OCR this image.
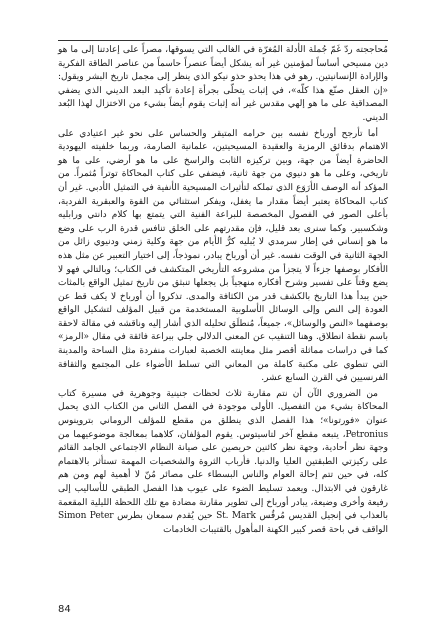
مُحاججته ردّ غَمّ جُملة الأدلة المُغرّة في الغالب التي يسوقها، مصراً على إعادتنا إلى ما هو دين مسيحي أساساً لمؤمنين غير أنه يشكل أيضاً عنصراً حاسماً من عناصر الطاقة الفكرية والإرادة الإنسانيتين. رهو في هذا يحذو حذو نيكو الذي ينظر إلى مجمل تاريخ البشر ويقول: «إن العقل صنّع هذا كلّه»، في إثبات يتحلّى بجرأة إعادة تأكيد البعد الديني الذي يضفي المصداقية على ما هو إلهي مقدس غير أنه إثبات يقوم أيضاً بشيء من الاختزال لهذا البُعد الديني.

أما تأرجح أورباخ نفسه بين حرامه المتيقر والحساس على نحو غير اعتيادي على الاهتمام بدقائق الرمزية والعقيدة المسيحيتين، علمانية الصارمة، وربما خلفيته اليهودية الحاضرة أيضاً من جهة، وبين تركيزه الثابت والراسخ على ما هو أرضي، على ما هو تاريخي، وعلى ما هو دنيوي من جهة ثانية، فيضفي على كتاب المحاكاة توتراً مُثمراً. من المؤكد أنه الوصف الأرَوَع الذي تملكه لتأثيرات المسيحية الأنفية في التمثيل الأدبي. غير أن كتاب المحاكاة يعتبر أيضاً مقدار ما يغفل، ويفكر استثنائي من القوة والعبقرية الفردية، بأعلى الصور في الفصول المخصصة للبراعة الفنية التي يتمتع بها كلام دانتي ورابليه وشكسبير. وكما سنرى بعد قليل، فإن مقدرتهم على الخلق تنافس قدرة الرب على وضع ما هو إنساني في إطار سرمدي لا يُبليه كرُّ الأيام من جهة وكلية زمني ودنيوي زائل من الجهة الثانية في الوقت نفسه. غير أن أورباخ يبادر، نموذجاً، إلى اختيار التعبير عن مثل هذه الأفكار بوصفها جزءاً لا يتجزأ من مشروعه التأريخي المتكشف في الكتاب؛ وبالتالي فهو لا يضع وقتاً على تفسير وشرح أفكاره منهجياً بل يجعلها تنبثق من تاريخ تمثيل الواقع بالمثات حين يبدأ هذا التاريخ بالكشف قدر من الكثافة والمدى. تذكروا أن أورباخ لا يكف قط عن العودة إلى النص وإلى الوسائل الأسلوبية المستخدمة من قبيل المؤلف لتشكيل الواقع بوصفهما «النص والوسائل»، جميعاً، مُنطلَق تحليله الذي أشار إليه وناقشه في مقالة لاحقة باسم نقطة انطلاق. وهنا التنقيب عن المعنى الدلالي جلي ببراعة فائقة في مقال «الرمز» كما في دراسات مماثلة أقصر مثل معاينته الخصبة لعبارات منفردة مثل الساحة والمدينة التي تنطوي على مكتبة كاملة من المعاني التي تسلط الأضواء على المجتمع والثقافة الفرنسيين في القرن السابع عشر.

من الضروري الآن أن نتم مقاربة ثلاث لحظات جنينية وجوهرية في مسيرة كتاب المحاكاة بشيء من التفصيل. الأولى موجودة في الفصل الثاني من الكتاب الذي يحمل عنوان «فورتونا»؛ هذا الفصل الذي ينطلق من مقطع للمؤلف الروماني بتروينوس Petronius، يتبعه مقطع آخر لتاسيتوس. يقوم المؤلفان، كلاهما بمعالجة موضوعيهما من وجهة نظر أحادية، وجهة نظر كائنين حريصين على صيانة النظام الاجتماعي الجامد القائم على ركيزتي الطبقتين العليا والدنيا. فأرباب الثروة والشخصيات المهمة تستأثر بالاهتمام كله، في حين تتم إحالة العوام والناس البسطاء على مصائر مُنّ لا أهمية لهم ومن هم غارقون في الابتذال. ويعمد تسليط الضوء على عيوب هذا الفصل الطبقي للأساليب إلى رفيعة وأخرى وضيعة، يبادر أورباخ إلى تطوير مقارنة مضادة مع تلك اللحظة الليلية المقعمة بالعذاب في إنجيل القديس مُرقُس St. Mark حين يُقدم سمعان بطرس Simon Peter الواقف في باحة قصر كبير الكهنة المأهول بالقتيبات الخادمات

84
